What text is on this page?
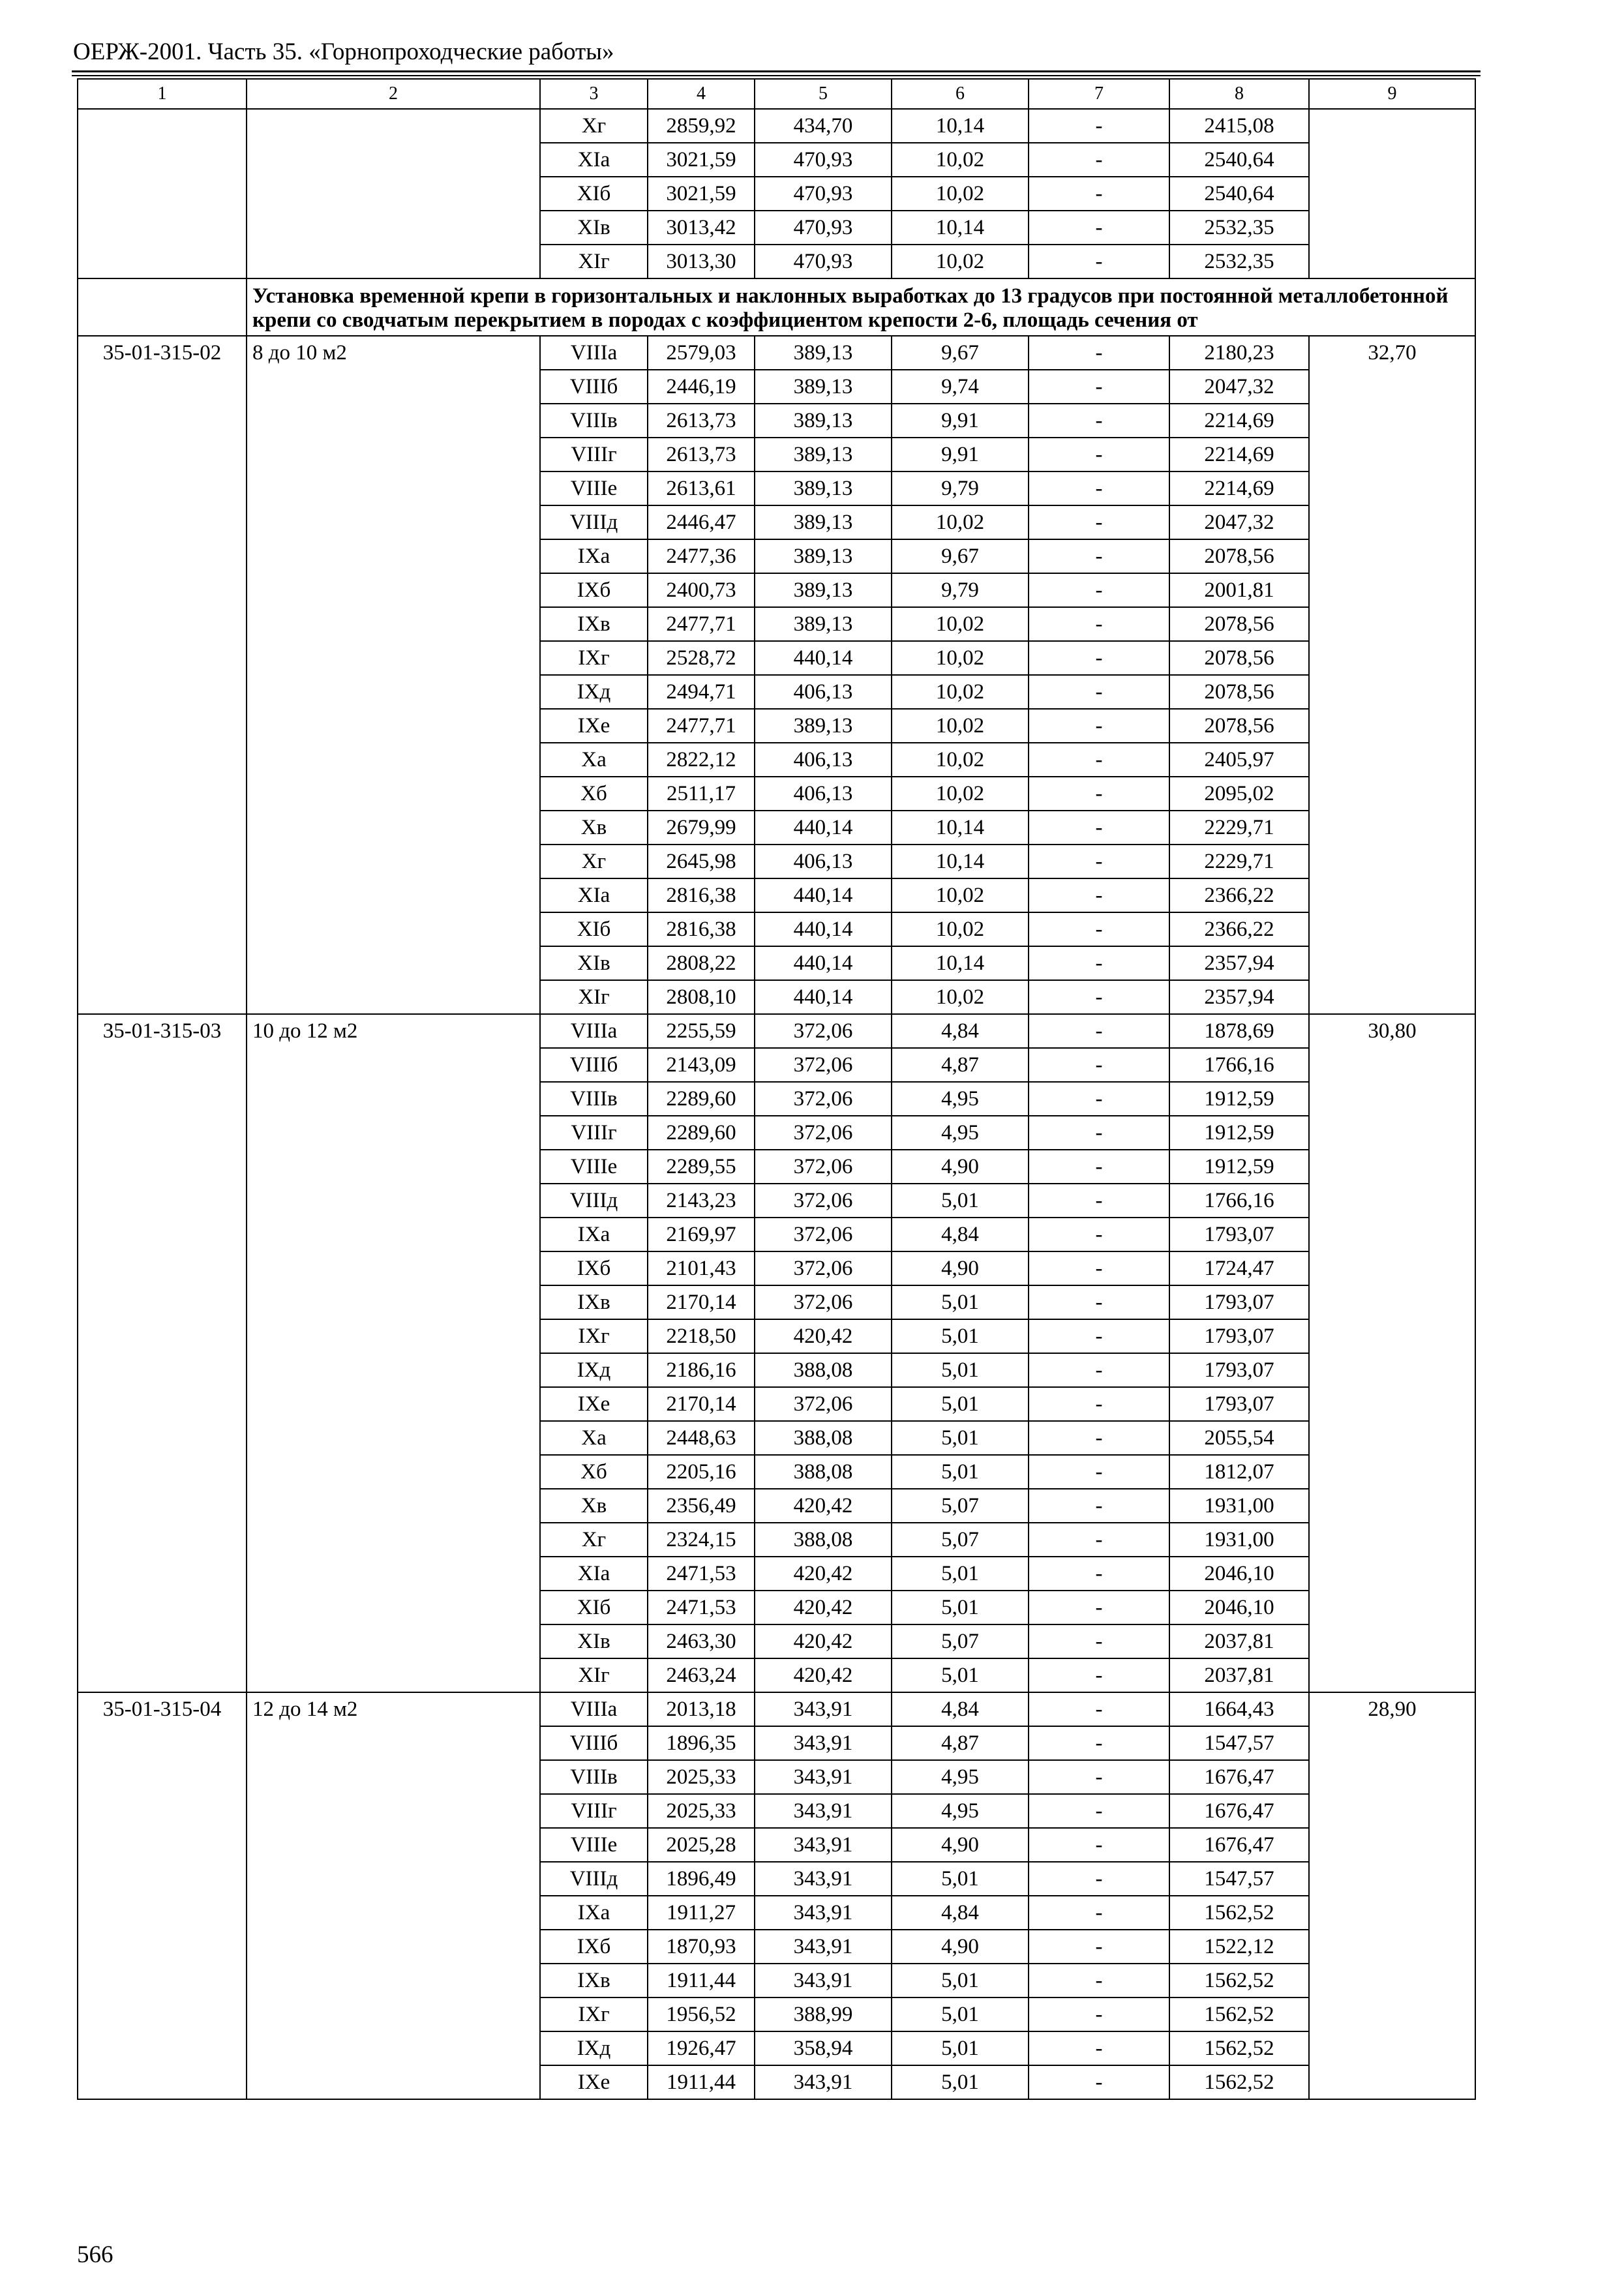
ОЕРЖ-2001. Часть 35. «Горнопроходческие работы»
1	2	3	4	5	6	7	8	9
		Xг	2859,92	434,70	10,14	-	2415,08	
		XIа	3021,59	470,93	10,02	-	2540,64	
		XIб	3021,59	470,93	10,02	-	2540,64	
		XIв	3013,42	470,93	10,14	-	2532,35	
		XIг	3013,30	470,93	10,02	-	2532,35	
	Установка временной крепи в горизонтальных и наклонных выработках до 13 градусов при постоянной металлобетонной крепи со сводчатым перекрытием в породах с коэффициентом крепости 2-6, площадь сечения от							
35-01-315-02	8 до 10 м2	VIIIа	2579,03	389,13	9,67	-	2180,23	32,70
		VIIIб	2446,19	389,13	9,74	-	2047,32	
		VIIIв	2613,73	389,13	9,91	-	2214,69	
		VIIIг	2613,73	389,13	9,91	-	2214,69	
		VIIIе	2613,61	389,13	9,79	-	2214,69	
		VIIIд	2446,47	389,13	10,02	-	2047,32	
		IXа	2477,36	389,13	9,67	-	2078,56	
		IXб	2400,73	389,13	9,79	-	2001,81	
		IXв	2477,71	389,13	10,02	-	2078,56	
		IXг	2528,72	440,14	10,02	-	2078,56	
		IXд	2494,71	406,13	10,02	-	2078,56	
		IXе	2477,71	389,13	10,02	-	2078,56	
		Xа	2822,12	406,13	10,02	-	2405,97	
		Xб	2511,17	406,13	10,02	-	2095,02	
		Xв	2679,99	440,14	10,14	-	2229,71	
		Xг	2645,98	406,13	10,14	-	2229,71	
		XIа	2816,38	440,14	10,02	-	2366,22	
		XIб	2816,38	440,14	10,02	-	2366,22	
		XIв	2808,22	440,14	10,14	-	2357,94	
		XIг	2808,10	440,14	10,02	-	2357,94	
35-01-315-03	10 до 12 м2	VIIIа	2255,59	372,06	4,84	-	1878,69	30,80
		VIIIб	2143,09	372,06	4,87	-	1766,16	
		VIIIв	2289,60	372,06	4,95	-	1912,59	
		VIIIг	2289,60	372,06	4,95	-	1912,59	
		VIIIе	2289,55	372,06	4,90	-	1912,59	
		VIIIд	2143,23	372,06	5,01	-	1766,16	
		IXа	2169,97	372,06	4,84	-	1793,07	
		IXб	2101,43	372,06	4,90	-	1724,47	
		IXв	2170,14	372,06	5,01	-	1793,07	
		IXг	2218,50	420,42	5,01	-	1793,07	
		IXд	2186,16	388,08	5,01	-	1793,07	
		IXе	2170,14	372,06	5,01	-	1793,07	
		Xа	2448,63	388,08	5,01	-	2055,54	
		Xб	2205,16	388,08	5,01	-	1812,07	
		Xв	2356,49	420,42	5,07	-	1931,00	
		Xг	2324,15	388,08	5,07	-	1931,00	
		XIа	2471,53	420,42	5,01	-	2046,10	
		XIб	2471,53	420,42	5,01	-	2046,10	
		XIв	2463,30	420,42	5,07	-	2037,81	
		XIг	2463,24	420,42	5,01	-	2037,81	
35-01-315-04	12 до 14 м2	VIIIа	2013,18	343,91	4,84	-	1664,43	28,90
		VIIIб	1896,35	343,91	4,87	-	1547,57	
		VIIIв	2025,33	343,91	4,95	-	1676,47	
		VIIIг	2025,33	343,91	4,95	-	1676,47	
		VIIIе	2025,28	343,91	4,90	-	1676,47	
		VIIIд	1896,49	343,91	5,01	-	1547,57	
		IXа	1911,27	343,91	4,84	-	1562,52	
		IXб	1870,93	343,91	4,90	-	1522,12	
		IXв	1911,44	343,91	5,01	-	1562,52	
		IXг	1956,52	388,99	5,01	-	1562,52	
		IXд	1926,47	358,94	5,01	-	1562,52	
		IXе	1911,44	343,91	5,01	-	1562,52	
566
